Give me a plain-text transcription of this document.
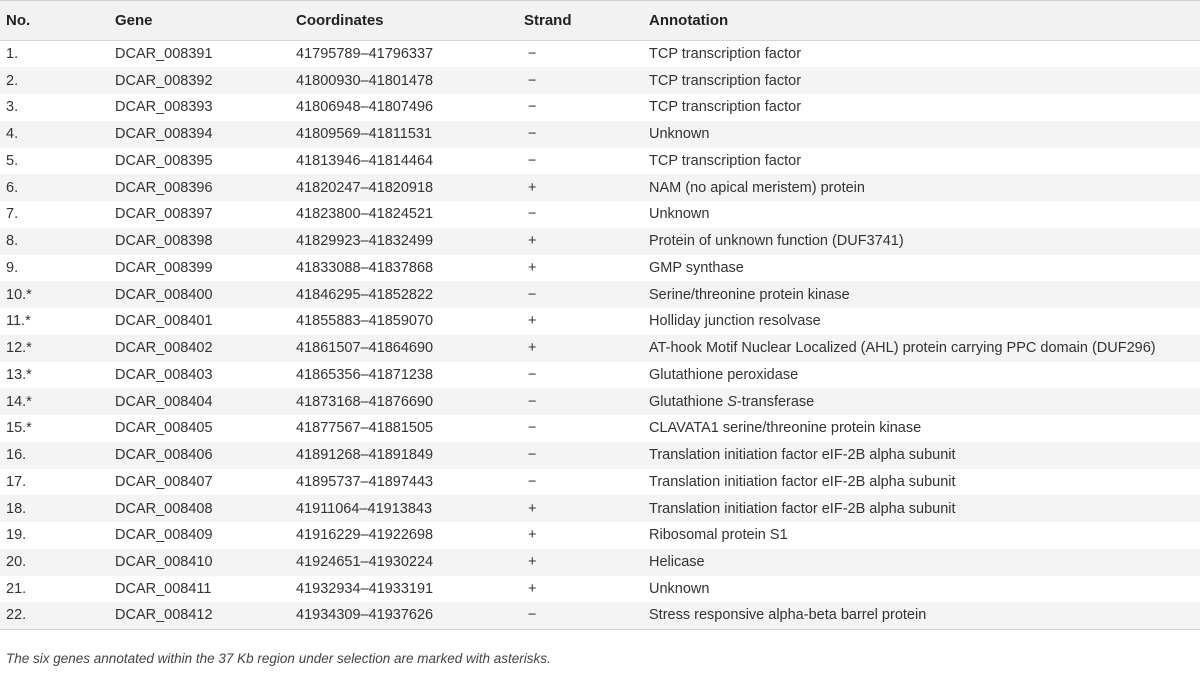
No.	Gene	Coordinates	Strand	Annotation
1.	DCAR_008391	41795789–41796337	−	TCP transcription factor
2.	DCAR_008392	41800930–41801478	−	TCP transcription factor
3.	DCAR_008393	41806948–41807496	−	TCP transcription factor
4.	DCAR_008394	41809569–41811531	−	Unknown
5.	DCAR_008395	41813946–41814464	−	TCP transcription factor
6.	DCAR_008396	41820247–41820918	+	NAM (no apical meristem) protein
7.	DCAR_008397	41823800–41824521	−	Unknown
8.	DCAR_008398	41829923–41832499	+	Protein of unknown function (DUF3741)
9.	DCAR_008399	41833088–41837868	+	GMP synthase
10.*	DCAR_008400	41846295–41852822	−	Serine/threonine protein kinase
11.*	DCAR_008401	41855883–41859070	+	Holliday junction resolvase
12.*	DCAR_008402	41861507–41864690	+	AT-hook Motif Nuclear Localized (AHL) protein carrying PPC domain (DUF296)
13.*	DCAR_008403	41865356–41871238	−	Glutathione peroxidase
14.*	DCAR_008404	41873168–41876690	−	Glutathione S-transferase
15.*	DCAR_008405	41877567–41881505	−	CLAVATA1 serine/threonine protein kinase
16.	DCAR_008406	41891268–41891849	−	Translation initiation factor eIF-2B alpha subunit
17.	DCAR_008407	41895737–41897443	−	Translation initiation factor eIF-2B alpha subunit
18.	DCAR_008408	41911064–41913843	+	Translation initiation factor eIF-2B alpha subunit
19.	DCAR_008409	41916229–41922698	+	Ribosomal protein S1
20.	DCAR_008410	41924651–41930224	+	Helicase
21.	DCAR_008411	41932934–41933191	+	Unknown
22.	DCAR_008412	41934309–41937626	−	Stress responsive alpha-beta barrel protein
The six genes annotated within the 37 Kb region under selection are marked with asterisks.
